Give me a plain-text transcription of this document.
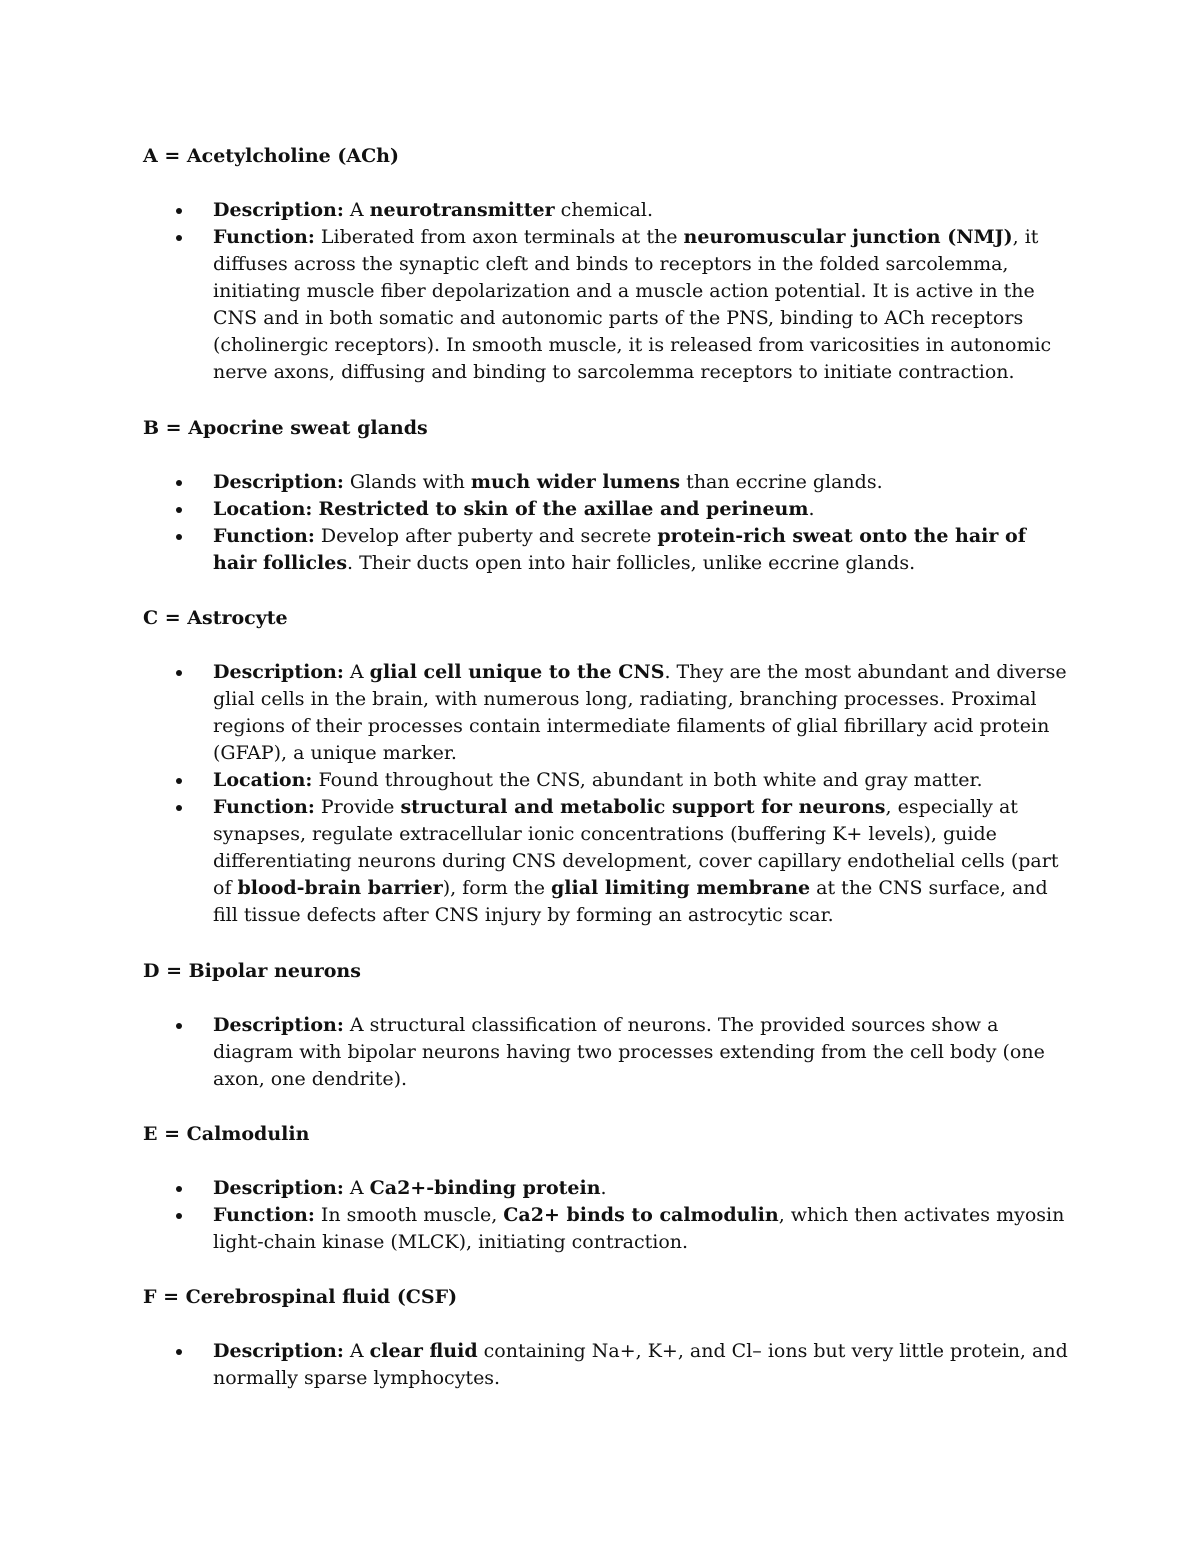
A = Acetylcholine (ACh)

Description: A neurotransmitter chemical.
Function: Liberated from axon terminals at the neuromuscular junction (NMJ), it diffuses across the synaptic cleft and binds to receptors in the folded sarcolemma, initiating muscle fiber depolarization and a muscle action potential. It is active in the CNS and in both somatic and autonomic parts of the PNS, binding to ACh receptors (cholinergic receptors). In smooth muscle, it is released from varicosities in autonomic nerve axons, diffusing and binding to sarcolemma receptors to initiate contraction.

B = Apocrine sweat glands

Description: Glands with much wider lumens than eccrine glands.
Location: Restricted to skin of the axillae and perineum.
Function: Develop after puberty and secrete protein-rich sweat onto the hair of hair follicles. Their ducts open into hair follicles, unlike eccrine glands.

C = Astrocyte

Description: A glial cell unique to the CNS. They are the most abundant and diverse glial cells in the brain, with numerous long, radiating, branching processes. Proximal regions of their processes contain intermediate filaments of glial fibrillary acid protein (GFAP), a unique marker.
Location: Found throughout the CNS, abundant in both white and gray matter.
Function: Provide structural and metabolic support for neurons, especially at synapses, regulate extracellular ionic concentrations (buffering K+ levels), guide differentiating neurons during CNS development, cover capillary endothelial cells (part of blood-brain barrier), form the glial limiting membrane at the CNS surface, and fill tissue defects after CNS injury by forming an astrocytic scar.

D = Bipolar neurons

Description: A structural classification of neurons. The provided sources show a diagram with bipolar neurons having two processes extending from the cell body (one axon, one dendrite).

E = Calmodulin

Description: A Ca2+-binding protein.
Function: In smooth muscle, Ca2+ binds to calmodulin, which then activates myosin light-chain kinase (MLCK), initiating contraction.

F = Cerebrospinal fluid (CSF)

Description: A clear fluid containing Na+, K+, and Cl– ions but very little protein, and normally sparse lymphocytes.
